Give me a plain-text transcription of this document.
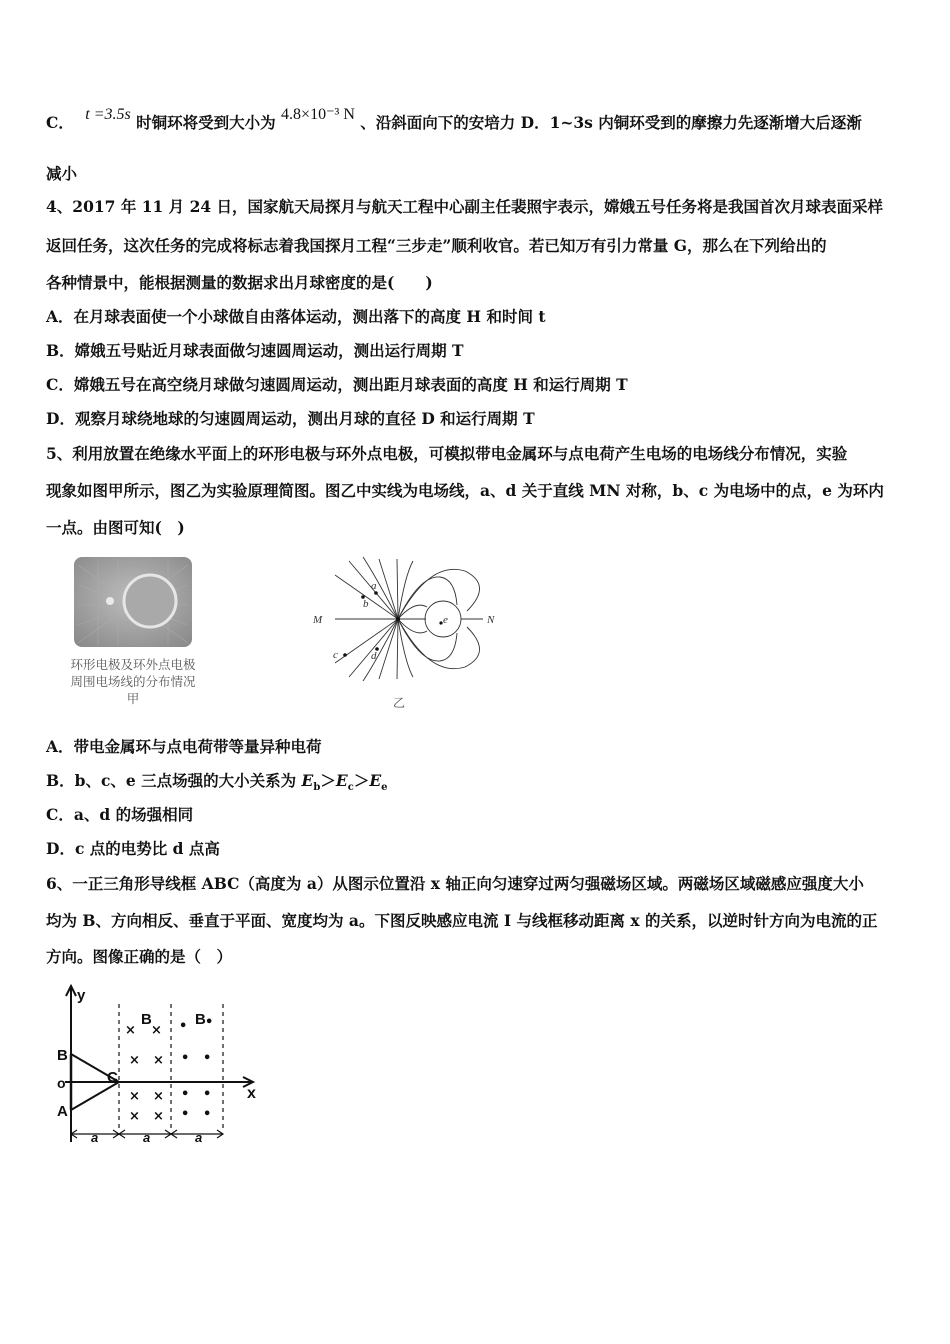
C． t =3.5s 时铜环将受到大小为 4.8×10⁻³ N 、沿斜面向下的安培力 D．1~3s 内铜环受到的摩擦力先逐渐增大后逐渐
减小
4、2017 年 11 月 24 日，国家航天局探月与航天工程中心副主任裴照宇表示，嫦娥五号任务将是我国首次月球表面采样
返回任务，这次任务的完成将标志着我国探月工程“三步走”顺利收官。若已知万有引力常量 G，那么在下列给出的
各种情景中，能根据测量的数据求出月球密度的是(　　)
A．在月球表面使一个小球做自由落体运动，测出落下的高度 H 和时间 t
B．嫦娥五号贴近月球表面做匀速圆周运动，测出运行周期 T
C．嫦娥五号在高空绕月球做匀速圆周运动，测出距月球表面的高度 H 和运行周期 T
D．观察月球绕地球的匀速圆周运动，测出月球的直径 D 和运行周期 T
5、利用放置在绝缘水平面上的环形电极与环外点电极，可模拟带电金属环与点电荷产生电场的电场线分布情况，实验
现象如图甲所示，图乙为实验原理简图。图乙中实线为电场线，a、d 关于直线 MN 对称，b、c 为电场中的点，e 为环内
一点。由图可知(　)
环形电极及环外点电极
周围电场线的分布情况
甲
M	N
a
b
c	d
e
乙
A．带电金属环与点电荷带等量异种电荷
B．b、c、e 三点场强的大小关系为 $E_b>E_c>E_e$
C．a、d 的场强相同
D．c 点的电势比 d 点高
6、一正三角形导线框 ABC（高度为 a）从图示位置沿 x 轴正向匀速穿过两匀强磁场区域。两磁场区域磁感应强度大小
均为 B、方向相反、垂直于平面、宽度均为 a。下图反映感应电流 I 与线框移动距离 x 的关系，以逆时针方向为电流的正
方向。图像正确的是（　）
y
x
o
B
A
C
B	B
a	a	a
× ×
× ×
× ×
× ×
• •
• •
• •
• •
